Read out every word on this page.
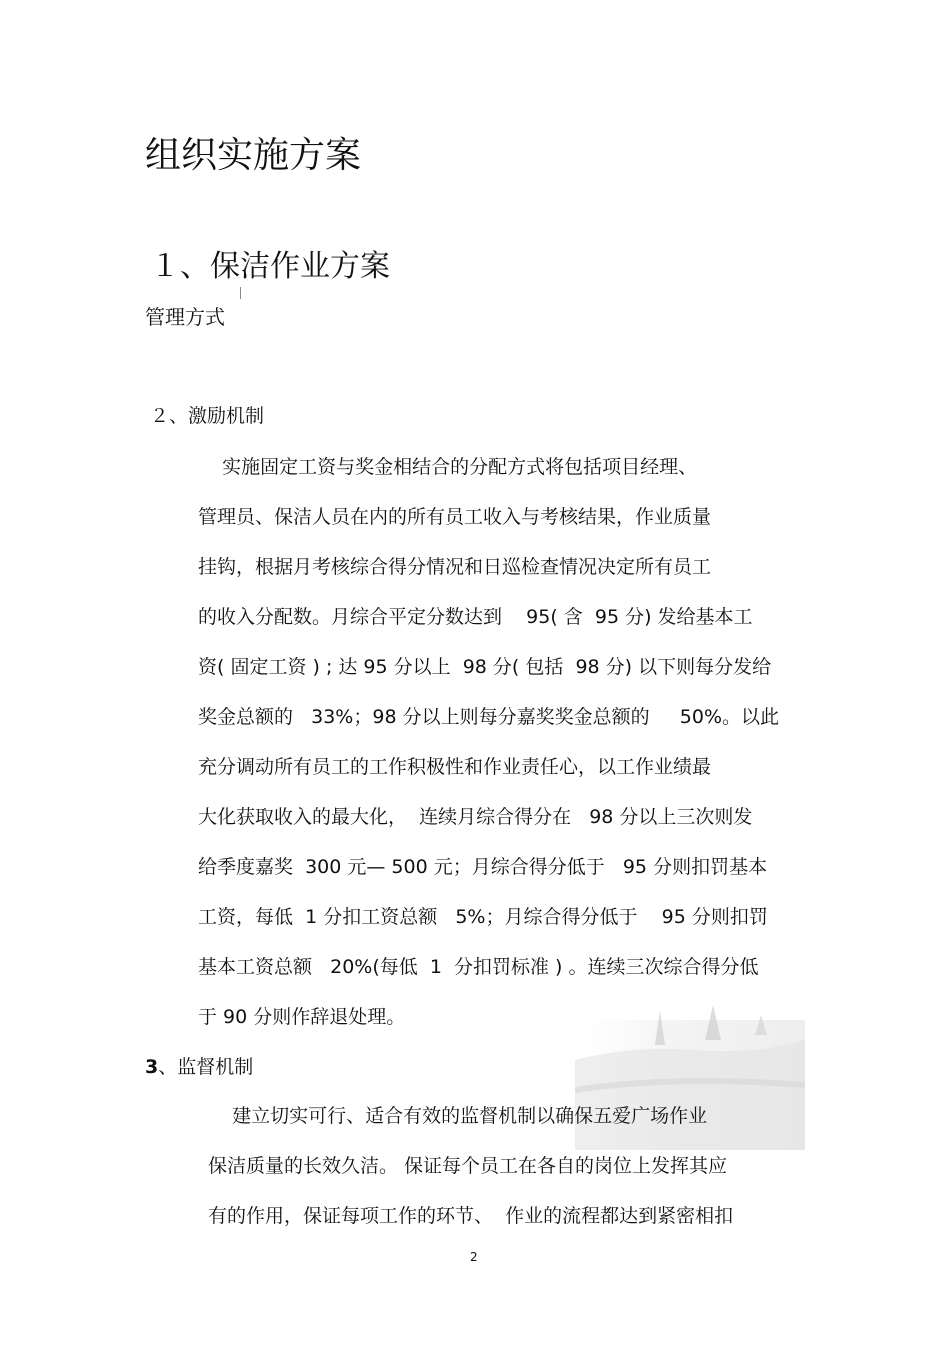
组织实施方案
１、保洁作业方案
管理方式
２、激励机制
实施固定工资与奖金相结合的分配方式将包括项目经理、
管理员、保洁人员在内的所有员工收入与考核结果，作业质量
挂钩，根据月考核综合得分情况和日巡检查情况决定所有员工
的收入分配数。月综合平定分数达到    95( 含  95 分) 发给基本工
资( 固定工资 ) ; 达 95 分以上  98 分( 包括  98 分) 以下则每分发给
奖金总额的   33%；98 分以上则每分嘉奖奖金总额的     50%。以此
充分调动所有员工的工作积极性和作业责任心，以工作业绩最
大化获取收入的最大化，  连续月综合得分在   98 分以上三次则发
给季度嘉奖  300 元— 500 元；月综合得分低于   95 分则扣罚基本
工资，每低  1 分扣工资总额   5%；月综合得分低于    95 分则扣罚
基本工资总额   20%(每低  1  分扣罚标准 ) 。连续三次综合得分低
于 90 分则作辞退处理。
3、监督机制
建立切实可行、适合有效的监督机制以确保五爱广场作业
保洁质量的长效久洁。 保证每个员工在各自的岗位上发挥其应
有的作用，保证每项工作的环节、  作业的流程都达到紧密相扣
2
